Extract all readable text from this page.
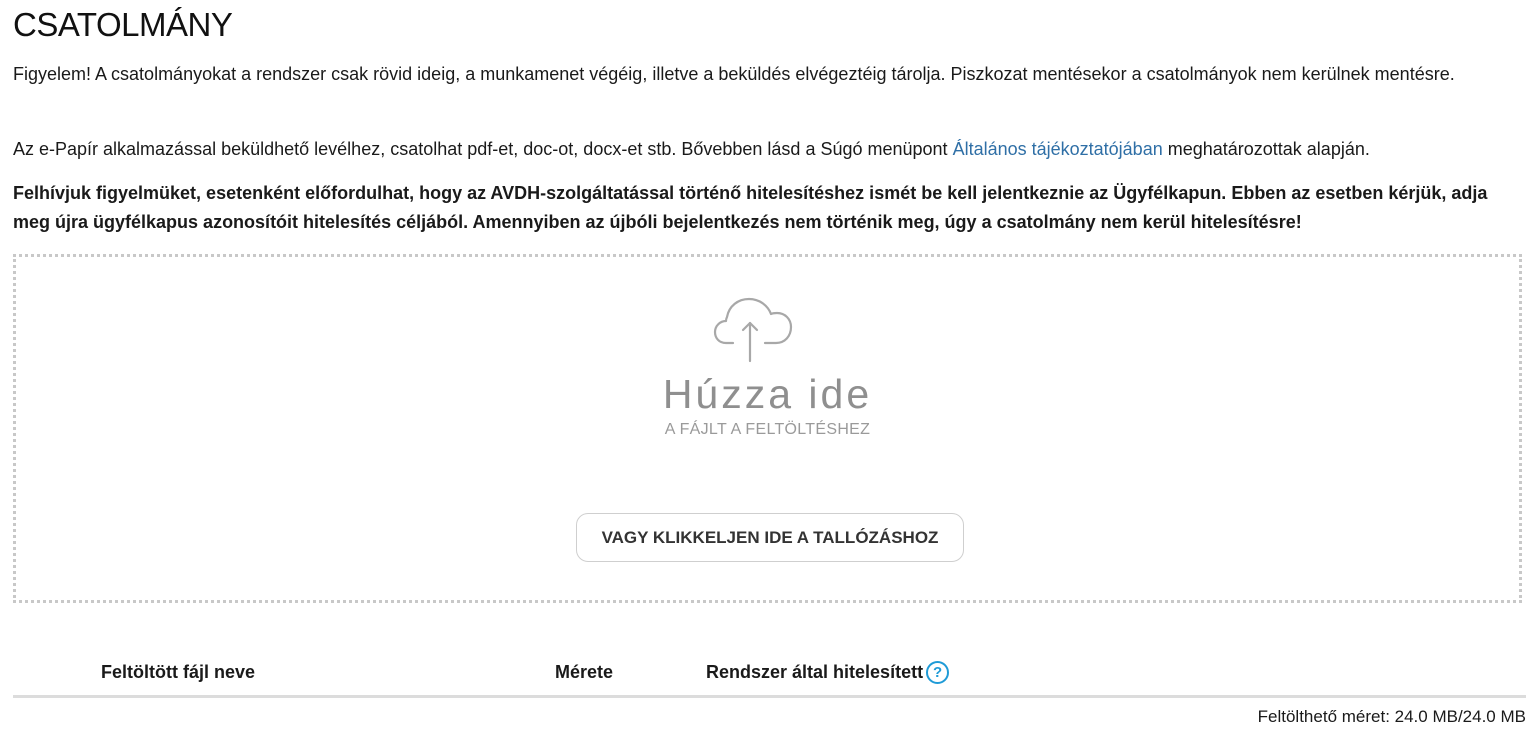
CSATOLMÁNY

Figyelem! A csatolmányokat a rendszer csak rövid ideig, a munkamenet végéig, illetve a beküldés elvégeztéig tárolja. Piszkozat mentésekor a csatolmányok nem kerülnek mentésre.

Az e-Papír alkalmazással beküldhető levélhez, csatolhat pdf-et, doc-ot, docx-et stb. Bővebben lásd a Súgó menüpont Általános tájékoztatójában meghatározottak alapján.

Felhívjuk figyelmüket, esetenként előfordulhat, hogy az AVDH-szolgáltatással történő hitelesítéshez ismét be kell jelentkeznie az Ügyfélkapun. Ebben az esetben kérjük, adja meg újra ügyfélkapus azonosítóit hitelesítés céljából. Amennyiben az újbóli bejelentkezés nem történik meg, úgy a csatolmány nem kerül hitelesítésre!

Húzza ide
A FÁJLT A FELTÖLTÉSHEZ
VAGY KLIKKELJEN IDE A TALLÓZÁSHOZ
Feltöltött fájl neve	Mérete	Rendszer által hitelesített ?
Feltölthető méret: 24.0 MB/24.0 MB
